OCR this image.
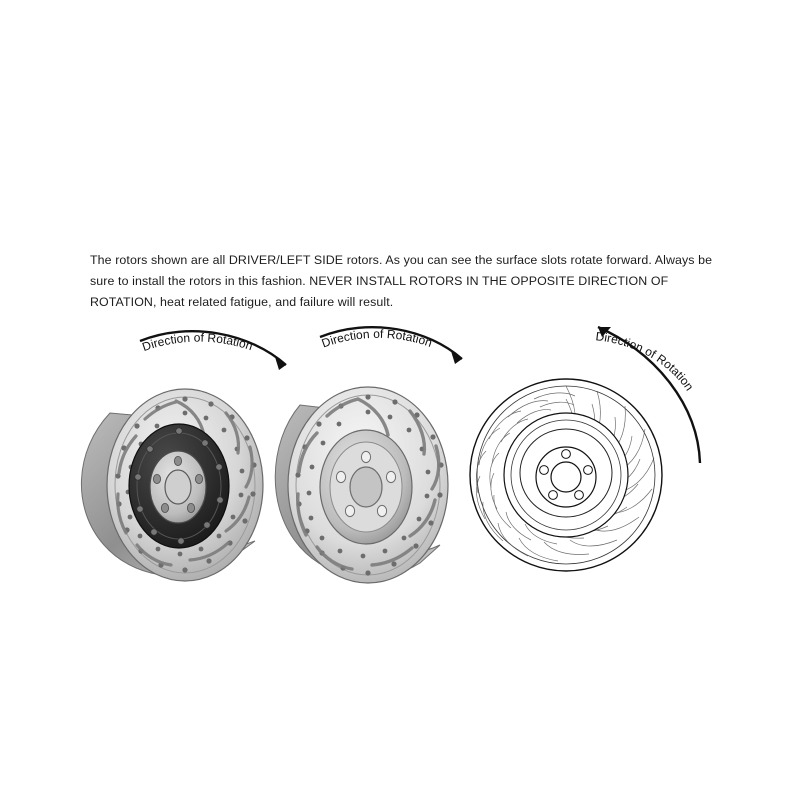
The rotors shown are all DRIVER/LEFT SIDE rotors. As you can see the surface slots rotate forward. Always be sure to install the rotors in this fashion. NEVER INSTALL ROTORS IN THE OPPOSITE DIRECTION OF ROTATION, heat related fatigue, and failure will result.

Direction of Rotation	Direction of Rotation	Direction of Rotation
